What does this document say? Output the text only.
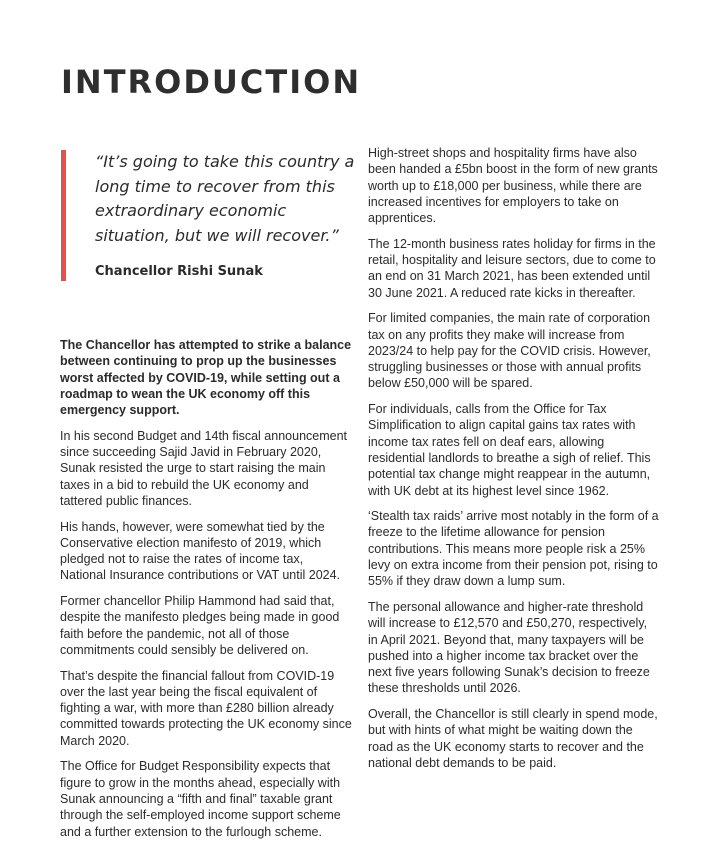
INTRODUCTION

“It’s going to take this country a long time to recover from this extraordinary economic situation, but we will recover.”

Chancellor Rishi Sunak

The Chancellor has attempted to strike a balance between continuing to prop up the businesses worst affected by COVID-19, while setting out a roadmap to wean the UK economy off this emergency support.

In his second Budget and 14th fiscal announcement since succeeding Sajid Javid in February 2020, Sunak resisted the urge to start raising the main taxes in a bid to rebuild the UK economy and tattered public finances.

His hands, however, were somewhat tied by the Conservative election manifesto of 2019, which pledged not to raise the rates of income tax, National Insurance contributions or VAT until 2024.

Former chancellor Philip Hammond had said that, despite the manifesto pledges being made in good faith before the pandemic, not all of those commitments could sensibly be delivered on.

That’s despite the financial fallout from COVID-19 over the last year being the fiscal equivalent of fighting a war, with more than £280 billion already committed towards protecting the UK economy since March 2020.

The Office for Budget Responsibility expects that figure to grow in the months ahead, especially with Sunak announcing a “fifth and final” taxable grant through the self-employed income support scheme and a further extension to the furlough scheme.

High-street shops and hospitality firms have also been handed a £5bn boost in the form of new grants worth up to £18,000 per business, while there are increased incentives for employers to take on apprentices.

The 12-month business rates holiday for firms in the retail, hospitality and leisure sectors, due to come to an end on 31 March 2021, has been extended until 30 June 2021. A reduced rate kicks in thereafter.

For limited companies, the main rate of corporation tax on any profits they make will increase from 2023/24 to help pay for the COVID crisis. However, struggling businesses or those with annual profits below £50,000 will be spared.

For individuals, calls from the Office for Tax Simplification to align capital gains tax rates with income tax rates fell on deaf ears, allowing residential landlords to breathe a sigh of relief. This potential tax change might reappear in the autumn, with UK debt at its highest level since 1962.

‘Stealth tax raids’ arrive most notably in the form of a freeze to the lifetime allowance for pension contributions. This means more people risk a 25% levy on extra income from their pension pot, rising to 55% if they draw down a lump sum.

The personal allowance and higher-rate threshold will increase to £12,570 and £50,270, respectively, in April 2021. Beyond that, many taxpayers will be pushed into a higher income tax bracket over the next five years following Sunak’s decision to freeze these thresholds until 2026.

Overall, the Chancellor is still clearly in spend mode, but with hints of what might be waiting down the road as the UK economy starts to recover and the national debt demands to be paid.
